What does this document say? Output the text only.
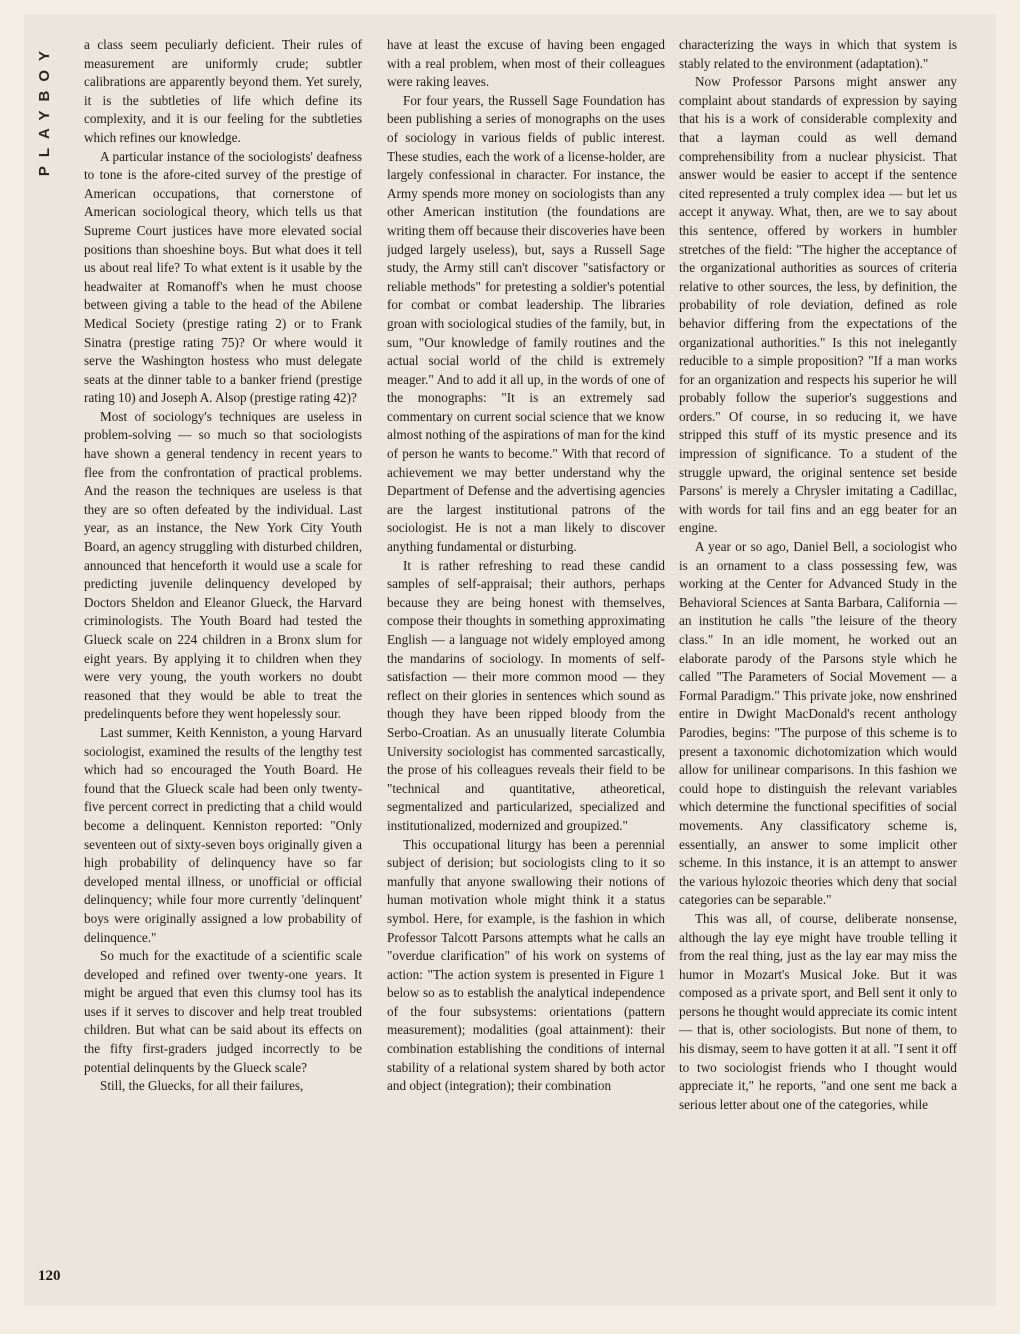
PLAYBOY	a class seem peculiarly deficient. Their rules of measurement are uniformly crude; subtler calibrations are apparently beyond them. Yet surely, it is the subtleties of life which define its complexity, and it is our feeling for the subtleties which refines our knowledge.

A particular instance of the sociologists' deafness to tone is the afore-cited survey of the prestige of American occupations, that cornerstone of American sociological theory, which tells us that Supreme Court justices have more elevated social positions than shoeshine boys. But what does it tell us about real life? To what extent is it usable by the headwaiter at Romanoff's when he must choose between giving a table to the head of the Abilene Medical Society (prestige rating 2) or to Frank Sinatra (prestige rating 75)? Or where would it serve the Washington hostess who must delegate seats at the dinner table to a banker friend (prestige rating 10) and Joseph A. Alsop (prestige rating 42)?

Most of sociology's techniques are useless in problem-solving — so much so that sociologists have shown a general tendency in recent years to flee from the confrontation of practical problems. And the reason the techniques are useless is that they are so often defeated by the individual. Last year, as an instance, the New York City Youth Board, an agency struggling with disturbed children, announced that henceforth it would use a scale for predicting juvenile delinquency developed by Doctors Sheldon and Eleanor Glueck, the Harvard criminologists. The Youth Board had tested the Glueck scale on 224 children in a Bronx slum for eight years. By applying it to children when they were very young, the youth workers no doubt reasoned that they would be able to treat the predelinquents before they went hopelessly sour.

Last summer, Keith Kenniston, a young Harvard sociologist, examined the results of the lengthy test which had so encouraged the Youth Board. He found that the Glueck scale had been only twenty-five percent correct in predicting that a child would become a delinquent. Kenniston reported: "Only seventeen out of sixty-seven boys originally given a high probability of delinquency have so far developed mental illness, or unofficial or official delinquency; while four more currently 'delinquent' boys were originally assigned a low probability of delinquence."

So much for the exactitude of a scientific scale developed and refined over twenty-one years. It might be argued that even this clumsy tool has its uses if it serves to discover and help treat troubled children. But what can be said about its effects on the fifty first-graders judged incorrectly to be potential delinquents by the Glueck scale?

Still, the Gluecks, for all their failures,

have at least the excuse of having been engaged with a real problem, when most of their colleagues were raking leaves.

For four years, the Russell Sage Foundation has been publishing a series of monographs on the uses of sociology in various fields of public interest. These studies, each the work of a license-holder, are largely confessional in character. For instance, the Army spends more money on sociologists than any other American institution (the foundations are writing them off because their discoveries have been judged largely useless), but, says a Russell Sage study, the Army still can't discover "satisfactory or reliable methods" for pretesting a soldier's potential for combat or combat leadership. The libraries groan with sociological studies of the family, but, in sum, "Our knowledge of family routines and the actual social world of the child is extremely meager." And to add it all up, in the words of one of the monographs: "It is an extremely sad commentary on current social science that we know almost nothing of the aspirations of man for the kind of person he wants to become." With that record of achievement we may better understand why the Department of Defense and the advertising agencies are the largest institutional patrons of the sociologist. He is not a man likely to discover anything fundamental or disturbing.

It is rather refreshing to read these candid samples of self-appraisal; their authors, perhaps because they are being honest with themselves, compose their thoughts in something approximating English — a language not widely employed among the mandarins of sociology. In moments of self-satisfaction — their more common mood — they reflect on their glories in sentences which sound as though they have been ripped bloody from the Serbo-Croatian. As an unusually literate Columbia University sociologist has commented sarcastically, the prose of his colleagues reveals their field to be "technical and quantitative, atheoretical, segmentalized and particularized, specialized and institutionalized, modernized and groupized."

This occupational liturgy has been a perennial subject of derision; but sociologists cling to it so manfully that anyone swallowing their notions of human motivation whole might think it a status symbol. Here, for example, is the fashion in which Professor Talcott Parsons attempts what he calls an "overdue clarification" of his work on systems of action: "The action system is presented in Figure 1 below so as to establish the analytical independence of the four subsystems: orientations (pattern measurement); modalities (goal attainment): their combination establishing the conditions of internal stability of a relational system shared by both actor and object (integration); their combination

characterizing the ways in which that system is stably related to the environment (adaptation)."

Now Professor Parsons might answer any complaint about standards of expression by saying that his is a work of considerable complexity and that a layman could as well demand comprehensibility from a nuclear physicist. That answer would be easier to accept if the sentence cited represented a truly complex idea — but let us accept it anyway. What, then, are we to say about this sentence, offered by workers in humbler stretches of the field: "The higher the acceptance of the organizational authorities as sources of criteria relative to other sources, the less, by definition, the probability of role deviation, defined as role behavior differing from the expectations of the organizational authorities." Is this not inelegantly reducible to a simple proposition? "If a man works for an organization and respects his superior he will probably follow the superior's suggestions and orders." Of course, in so reducing it, we have stripped this stuff of its mystic presence and its impression of significance. To a student of the struggle upward, the original sentence set beside Parsons' is merely a Chrysler imitating a Cadillac, with words for tail fins and an egg beater for an engine.

A year or so ago, Daniel Bell, a sociologist who is an ornament to a class possessing few, was working at the Center for Advanced Study in the Behavioral Sciences at Santa Barbara, California — an institution he calls "the leisure of the theory class." In an idle moment, he worked out an elaborate parody of the Parsons style which he called "The Parameters of Social Movement — a Formal Paradigm." This private joke, now enshrined entire in Dwight MacDonald's recent anthology Parodies, begins: "The purpose of this scheme is to present a taxonomic dichotomization which would allow for unilinear comparisons. In this fashion we could hope to distinguish the relevant variables which determine the functional specifities of social movements. Any classificatory scheme is, essentially, an answer to some implicit other scheme. In this instance, it is an attempt to answer the various hylozoic theories which deny that social categories can be separable."

This was all, of course, deliberate nonsense, although the lay eye might have trouble telling it from the real thing, just as the lay ear may miss the humor in Mozart's Musical Joke. But it was composed as a private sport, and Bell sent it only to persons he thought would appreciate its comic intent — that is, other sociologists. But none of them, to his dismay, seem to have gotten it at all. "I sent it off to two sociologist friends who I thought would appreciate it," he reports, "and one sent me back a serious letter about one of the categories, while

120
